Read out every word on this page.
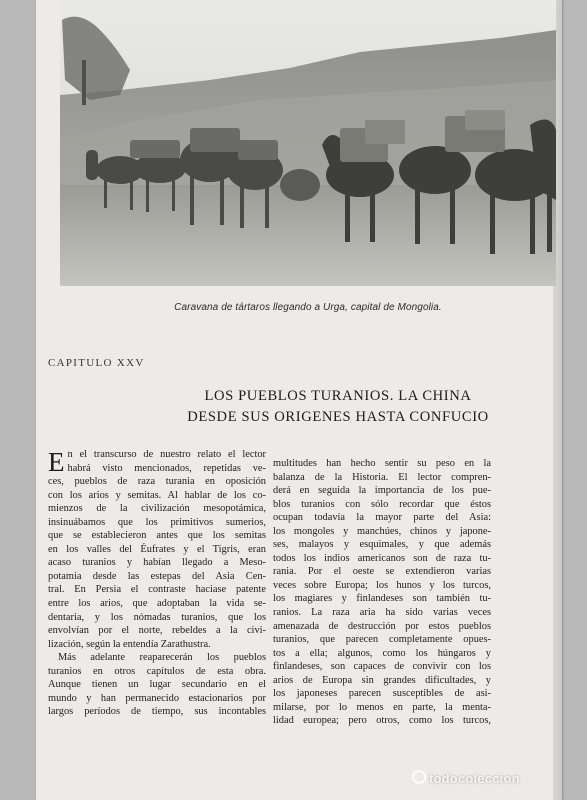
Caravana de tártaros llegando a Urga, capital de Mongolia.
CAPITULO XXV
LOS PUEBLOS TURANIOS. LA CHINA
DESDE SUS ORIGENES HASTA CONFUCIO
E n el transcurso de nuestro relato el lector
habrá visto mencionados, repetidas ve-
ces, pueblos de raza turania en oposición
con los arios y semitas. Al hablar de los co-
mienzos de la civilización mesopotámica,
insinuábamos que los primitivos sumerios,
que se establecieron antes que los semitas
en los valles del Éufrates y el Tigris, eran
acaso turanios y habían llegado a Meso-
potamia desde las estepas del Asia Cen-
tral. En Persia el contraste haciase patente
entre los arios, que adoptaban la vida se-
dentaria, y los nómadas turanios, que los
envolvían por el norte, rebeldes a la civi-
lización, según la entendía Zarathustra.
Más adelante reaparecerán los pueblos
turanios en otros capítulos de esta obra.
Aunque tienen un lugar secundario en el
mundo y han permanecido estacionarios por
largos períodos de tiempo, sus incontables
multitudes han hecho sentir su peso en la
balanza de la Historia. El lector compren-
derá en seguida la importancia de los pue-
blos turanios con sólo recordar que éstos
ocupan todavía la mayor parte del Asia:
los mongoles y manchúes, chinos y japone-
ses, malayos y esquimales, y que además
todos los indios americanos son de raza tu-
rania. Por el oeste se extendieron varias
veces sobre Europa; los hunos y los turcos,
los magiares y finlandeses son también tu-
ranios. La raza aria ha sido varias veces
amenazada de destrucción por estos pueblos
turanios, que parecen completamente opues-
tos a ella; algunos, como los húngaros y
finlandeses, son capaces de convivir con los
arios de Europa sin grandes dificultades, y
los japoneses parecen susceptibles de asi-
milarse, por lo menos en parte, la menta-
lidad europea; pero otros, como los turcos,
todocoleccion
